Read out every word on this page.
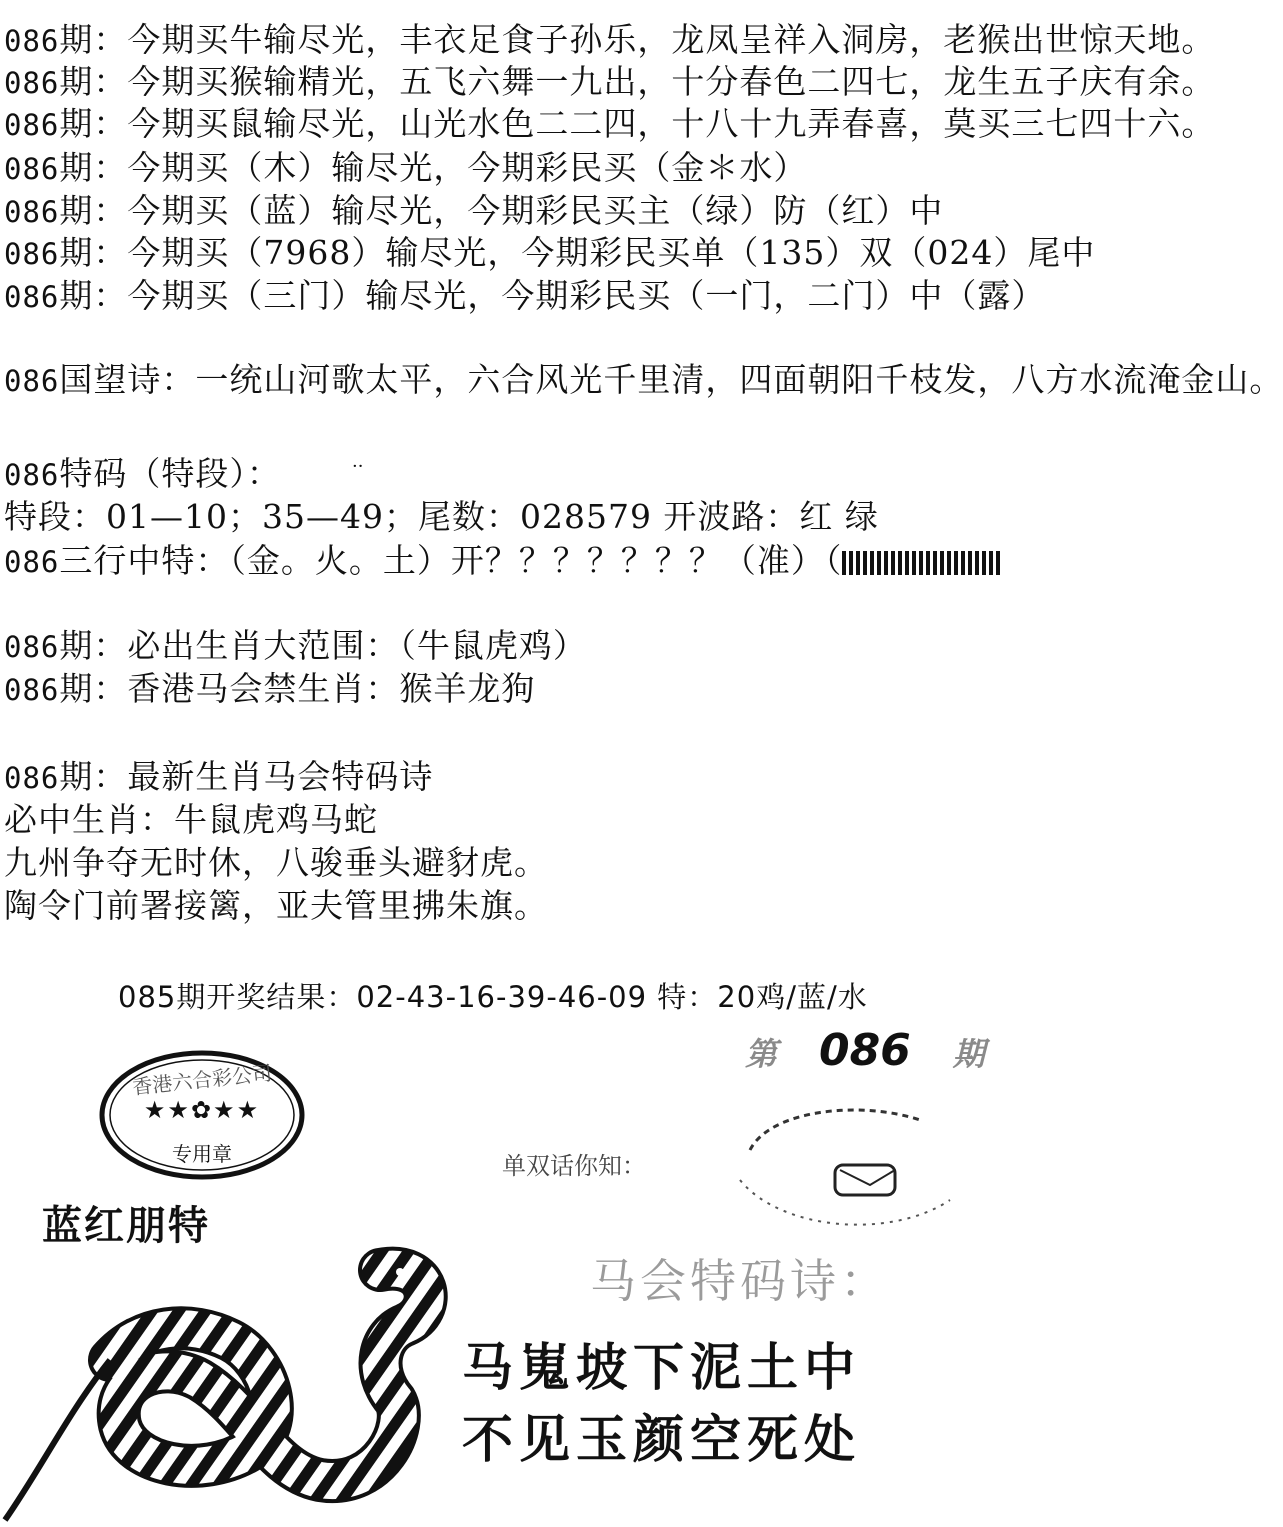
086期：今期买牛输尽光，丰衣足食子孙乐，龙凤呈祥入洞房，老猴出世惊天地。
086期：今期买猴输精光，五飞六舞一九出，十分春色二四七，龙生五子庆有余。
086期：今期买鼠输尽光，山光水色二二四，十八十九弄春喜，莫买三七四十六。
086期：今期买（木）输尽光，今期彩民买（金＊水）
086期：今期买（蓝）输尽光，今期彩民买主（绿）防（红）中
086期：今期买（7968）输尽光，今期彩民买单（135）双（024）尾中
086期：今期买（三门）输尽光，今期彩民买（一门，二门）中（露）
086国望诗：一统山河歌太平，六合风光千里清，四面朝阳千枝发，八方水流淹金山。
086特码（特段）：	··
特段：01—10；35—49；尾数：028579 开波路：红 绿
086三行中特：（金。火。土）开？？？？？？？（准）（
086期：必出生肖大范围：（牛鼠虎鸡）
086期：香港马会禁生肖：猴羊龙狗
086期：最新生肖马会特码诗
必中生肖：牛鼠虎鸡马蛇
九州争夺无时休，八骏垂头避豺虎。
陶令门前署接篱，亚夫管里拂朱旗。
085期开奖结果：02-43-16-39-46-09 特：20鸡/蓝/水
香港六合彩公司
★★✿★★
专用章
第 086 期
单双话你知：
蓝红朋特
马会特码诗：
马嵬坡下泥土中
不见玉颜空死处
